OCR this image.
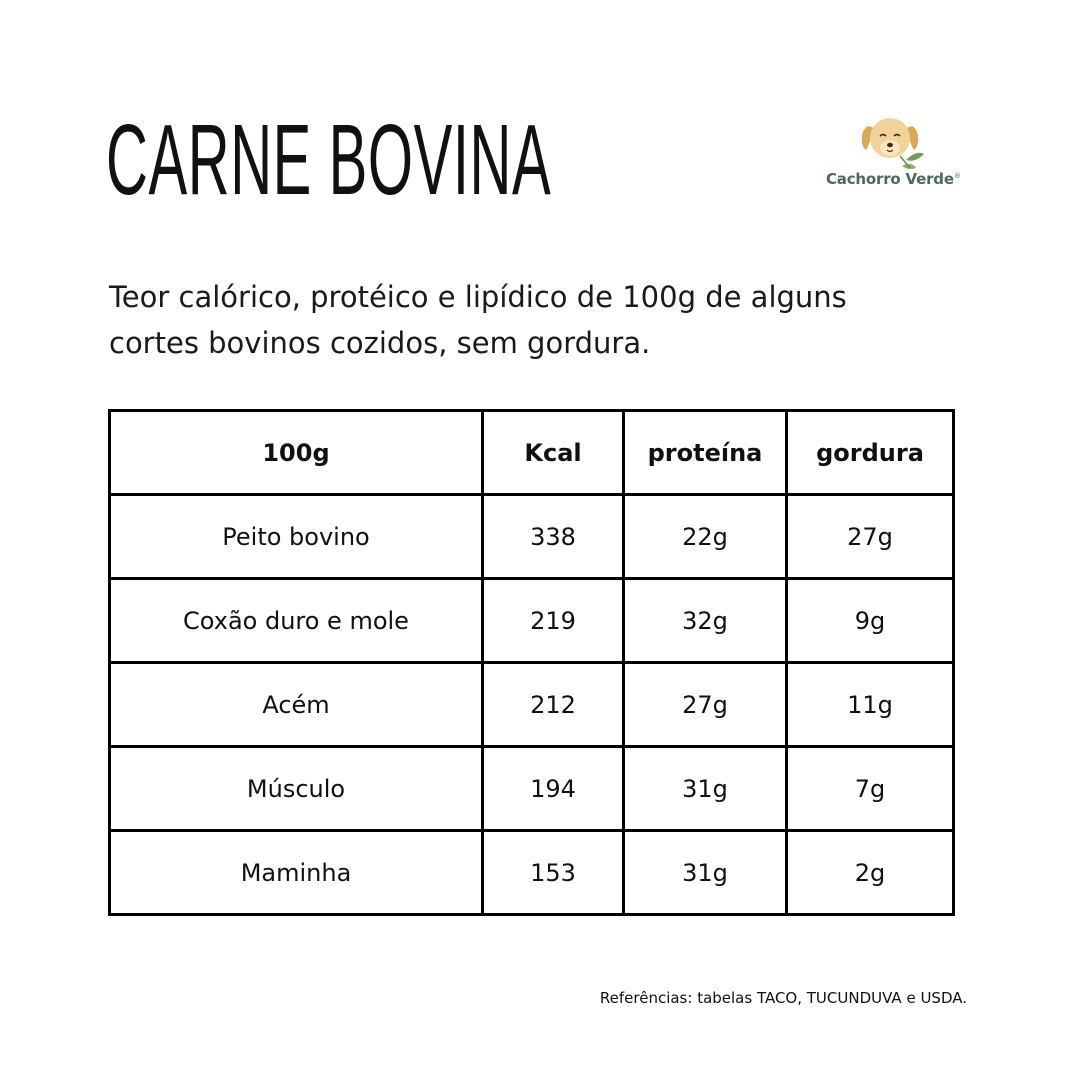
CARNE BOVINA	Cachorro Verde®

Teor calórico, protéico e lipídico de 100g de alguns cortes bovinos cozidos, sem gordura.

100g	Kcal	proteína	gordura
Peito bovino	338	22g	27g
Coxão duro e mole	219	32g	9g
Acém	212	27g	11g
Músculo	194	31g	7g
Maminha	153	31g	2g

Referências: tabelas TACO, TUCUNDUVA e USDA.
